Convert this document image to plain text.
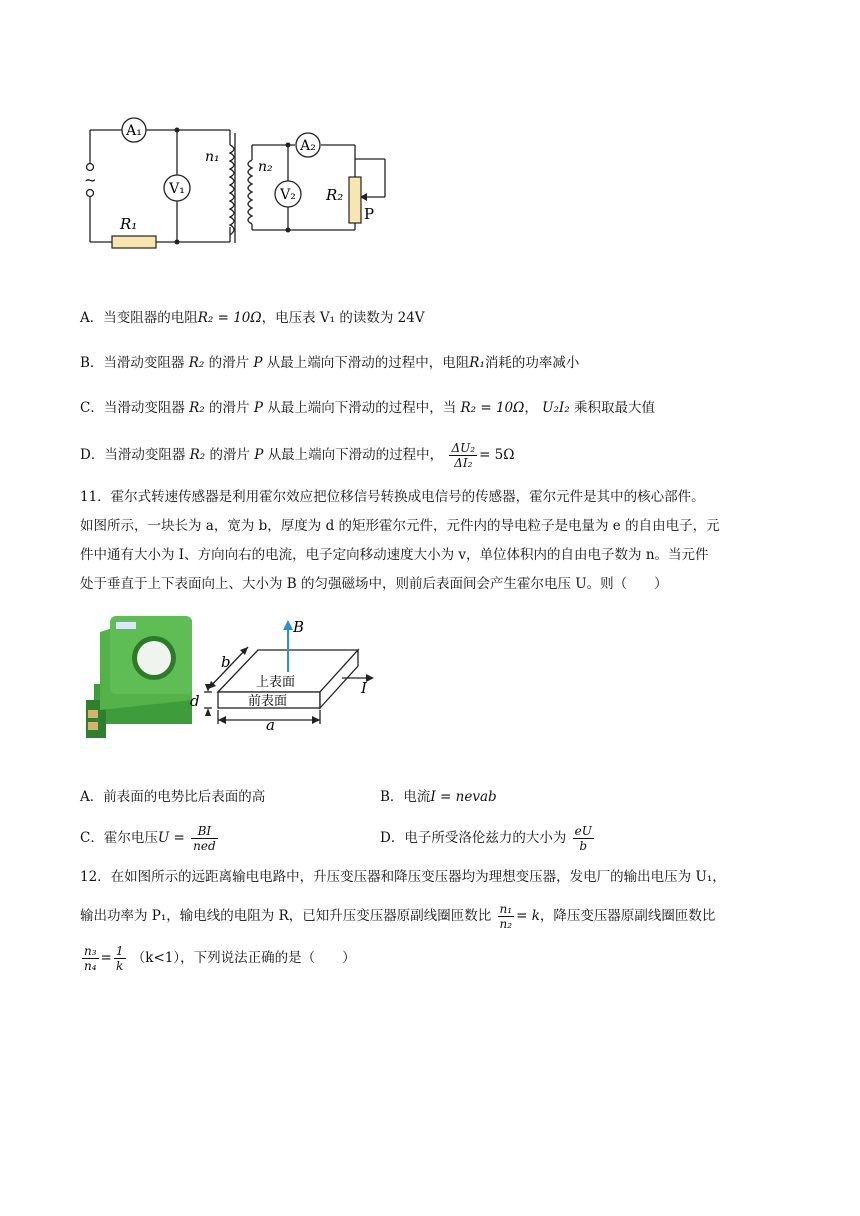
A₁
V₁
A₂
V₂
n₁
n₂
R₁
R₂
P
~
A．当变阻器的电阻R₂ = 10Ω，电压表 V₁ 的读数为 24V
B．当滑动变阻器 R₂ 的滑片 P 从最上端向下滑动的过程中，电阻R₁消耗的功率减小
C．当滑动变阻器 R₂ 的滑片 P 从最上端向下滑动的过程中，当 R₂ = 10Ω， U₂I₂ 乘积取最大值
D．当滑动变阻器 R₂ 的滑片 P 从最上端向下滑动的过程中， $\frac{\text{ΔU₂}}{\text{ΔI₂}} = 5\Omega$
11．霍尔式转速传感器是利用霍尔效应把位移信号转换成电信号的传感器，霍尔元件是其中的核心部件。
如图所示，一块长为 a，宽为 b，厚度为 d 的矩形霍尔元件，元件内的导电粒子是电量为 e 的自由电子，元
件中通有大小为 I、方向向右的电流，电子定向移动速度大小为 v，单位体积内的自由电子数为 n。当元件
处于垂直于上下表面向上、大小为 B 的匀强磁场中，则前后表面间会产生霍尔电压 U。则（　　）
B
b
d
a
I
上表面
前表面
A．前表面的电势比后表面的高	B．电流I = nevab
C．霍尔电压$U = \frac{BI}{\text{ned}}$	D．电子所受洛伦兹力的大小为 $\frac{eU}{b}$
12．在如图所示的远距离输电电路中，升压变压器和降压变压器均为理想变压器，发电厂的输出电压为 U₁，
输出功率为 P₁，输电线的电阻为 R，已知升压变压器原副线圈匝数比 $\frac{\text{n₁}}{\text{n₂}} = k$，降压变压器原副线圈匝数比
$\frac{\text{n₃}}{\text{n₄}} = \frac{1}{k} (k<1)$，下列说法正确的是（　　）
